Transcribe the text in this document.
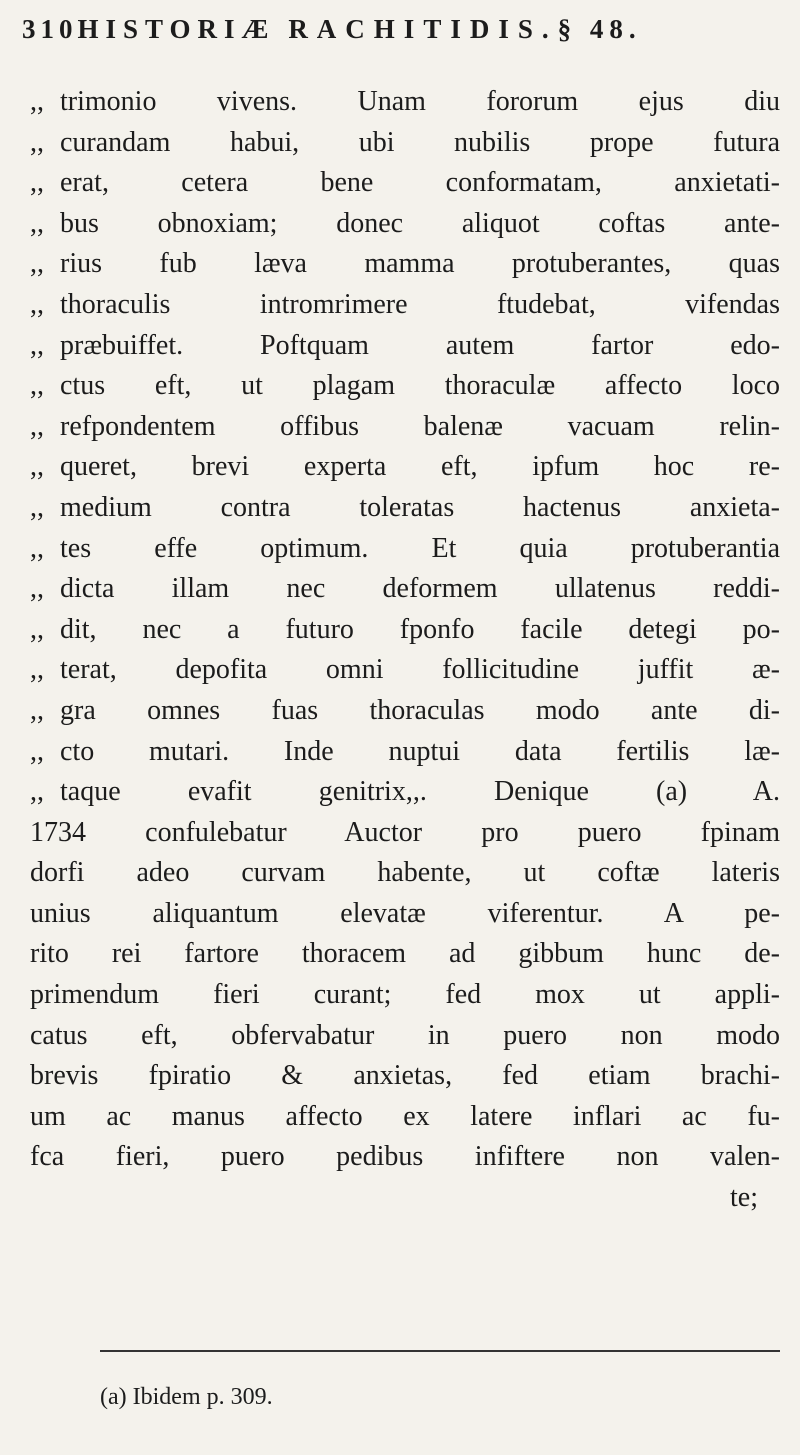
310HISTORIÆ RACHITIDIS.§ 48.
,, trimonio vivens. Unam fororum ejus diu
,, curandam habui, ubi nubilis prope futura
,, erat, cetera bene conformatam, anxietati-
,, bus obnoxiam; donec aliquot coftas ante-
,, rius fub læva mamma protuberantes, quas
,, thoraculis intromrimere ftudebat, vifendas
,, præbuiffet. Poftquam autem fartor edo-
,, ctus eft, ut plagam thoraculæ affecto loco
,, refpondentem offibus balenæ vacuam relin-
,, queret, brevi experta eft, ipfum hoc re-
,, medium contra toleratas hactenus anxieta-
,, tes effe optimum. Et quia protuberantia
,, dicta illam nec deformem ullatenus reddi-
,, dit, nec a futuro fponfo facile detegi po-
,, terat, depofita omni follicitudine juffit æ-
,, gra omnes fuas thoraculas modo ante di-
,, cto mutari. Inde nuptui data fertilis læ-
,, taque evafit genitrix,,. Denique (a) A.
1734 confulebatur Auctor pro puero fpinam
dorfi adeo curvam habente, ut coftæ lateris
unius aliquantum elevatæ viferentur. A pe-
rito rei fartore thoracem ad gibbum hunc de-
primendum fieri curant; fed mox ut appli-
catus eft, obfervabatur in puero non modo
brevis fpiratio & anxietas, fed etiam brachi-
um ac manus affecto ex latere inflari ac fu-
fca fieri, puero pedibus infiftere non valen-
te;
(a) Ibidem p. 309.
